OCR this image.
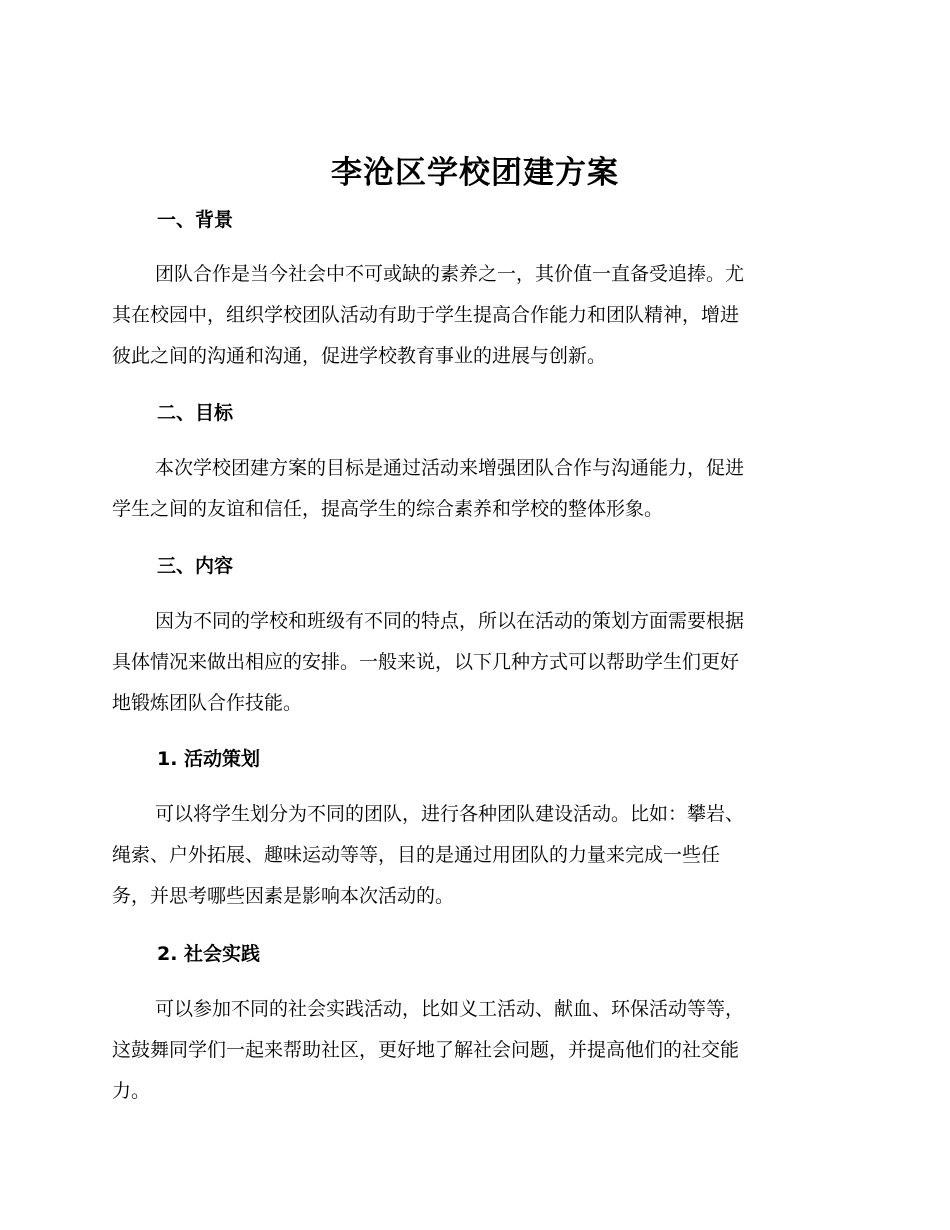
李沧区学校团建方案
一、背景

团队合作是当今社会中不可或缺的素养之一，其价值一直备受追捧。尤
其在校园中，组织学校团队活动有助于学生提高合作能力和团队精神，增进
彼此之间的沟通和沟通，促进学校教育事业的进展与创新。

二、目标

本次学校团建方案的目标是通过活动来增强团队合作与沟通能力，促进
学生之间的友谊和信任，提高学生的综合素养和学校的整体形象。

三、内容

因为不同的学校和班级有不同的特点，所以在活动的策划方面需要根据
具体情况来做出相应的安排。一般来说，以下几种方式可以帮助学生们更好
地锻炼团队合作技能。

1. 活动策划

可以将学生划分为不同的团队，进行各种团队建设活动。比如：攀岩、
绳索、户外拓展、趣味运动等等，目的是通过用团队的力量来完成一些任
务，并思考哪些因素是影响本次活动的。

2. 社会实践

可以参加不同的社会实践活动，比如义工活动、献血、环保活动等等，
这鼓舞同学们一起来帮助社区，更好地了解社会问题，并提高他们的社交能
力。
